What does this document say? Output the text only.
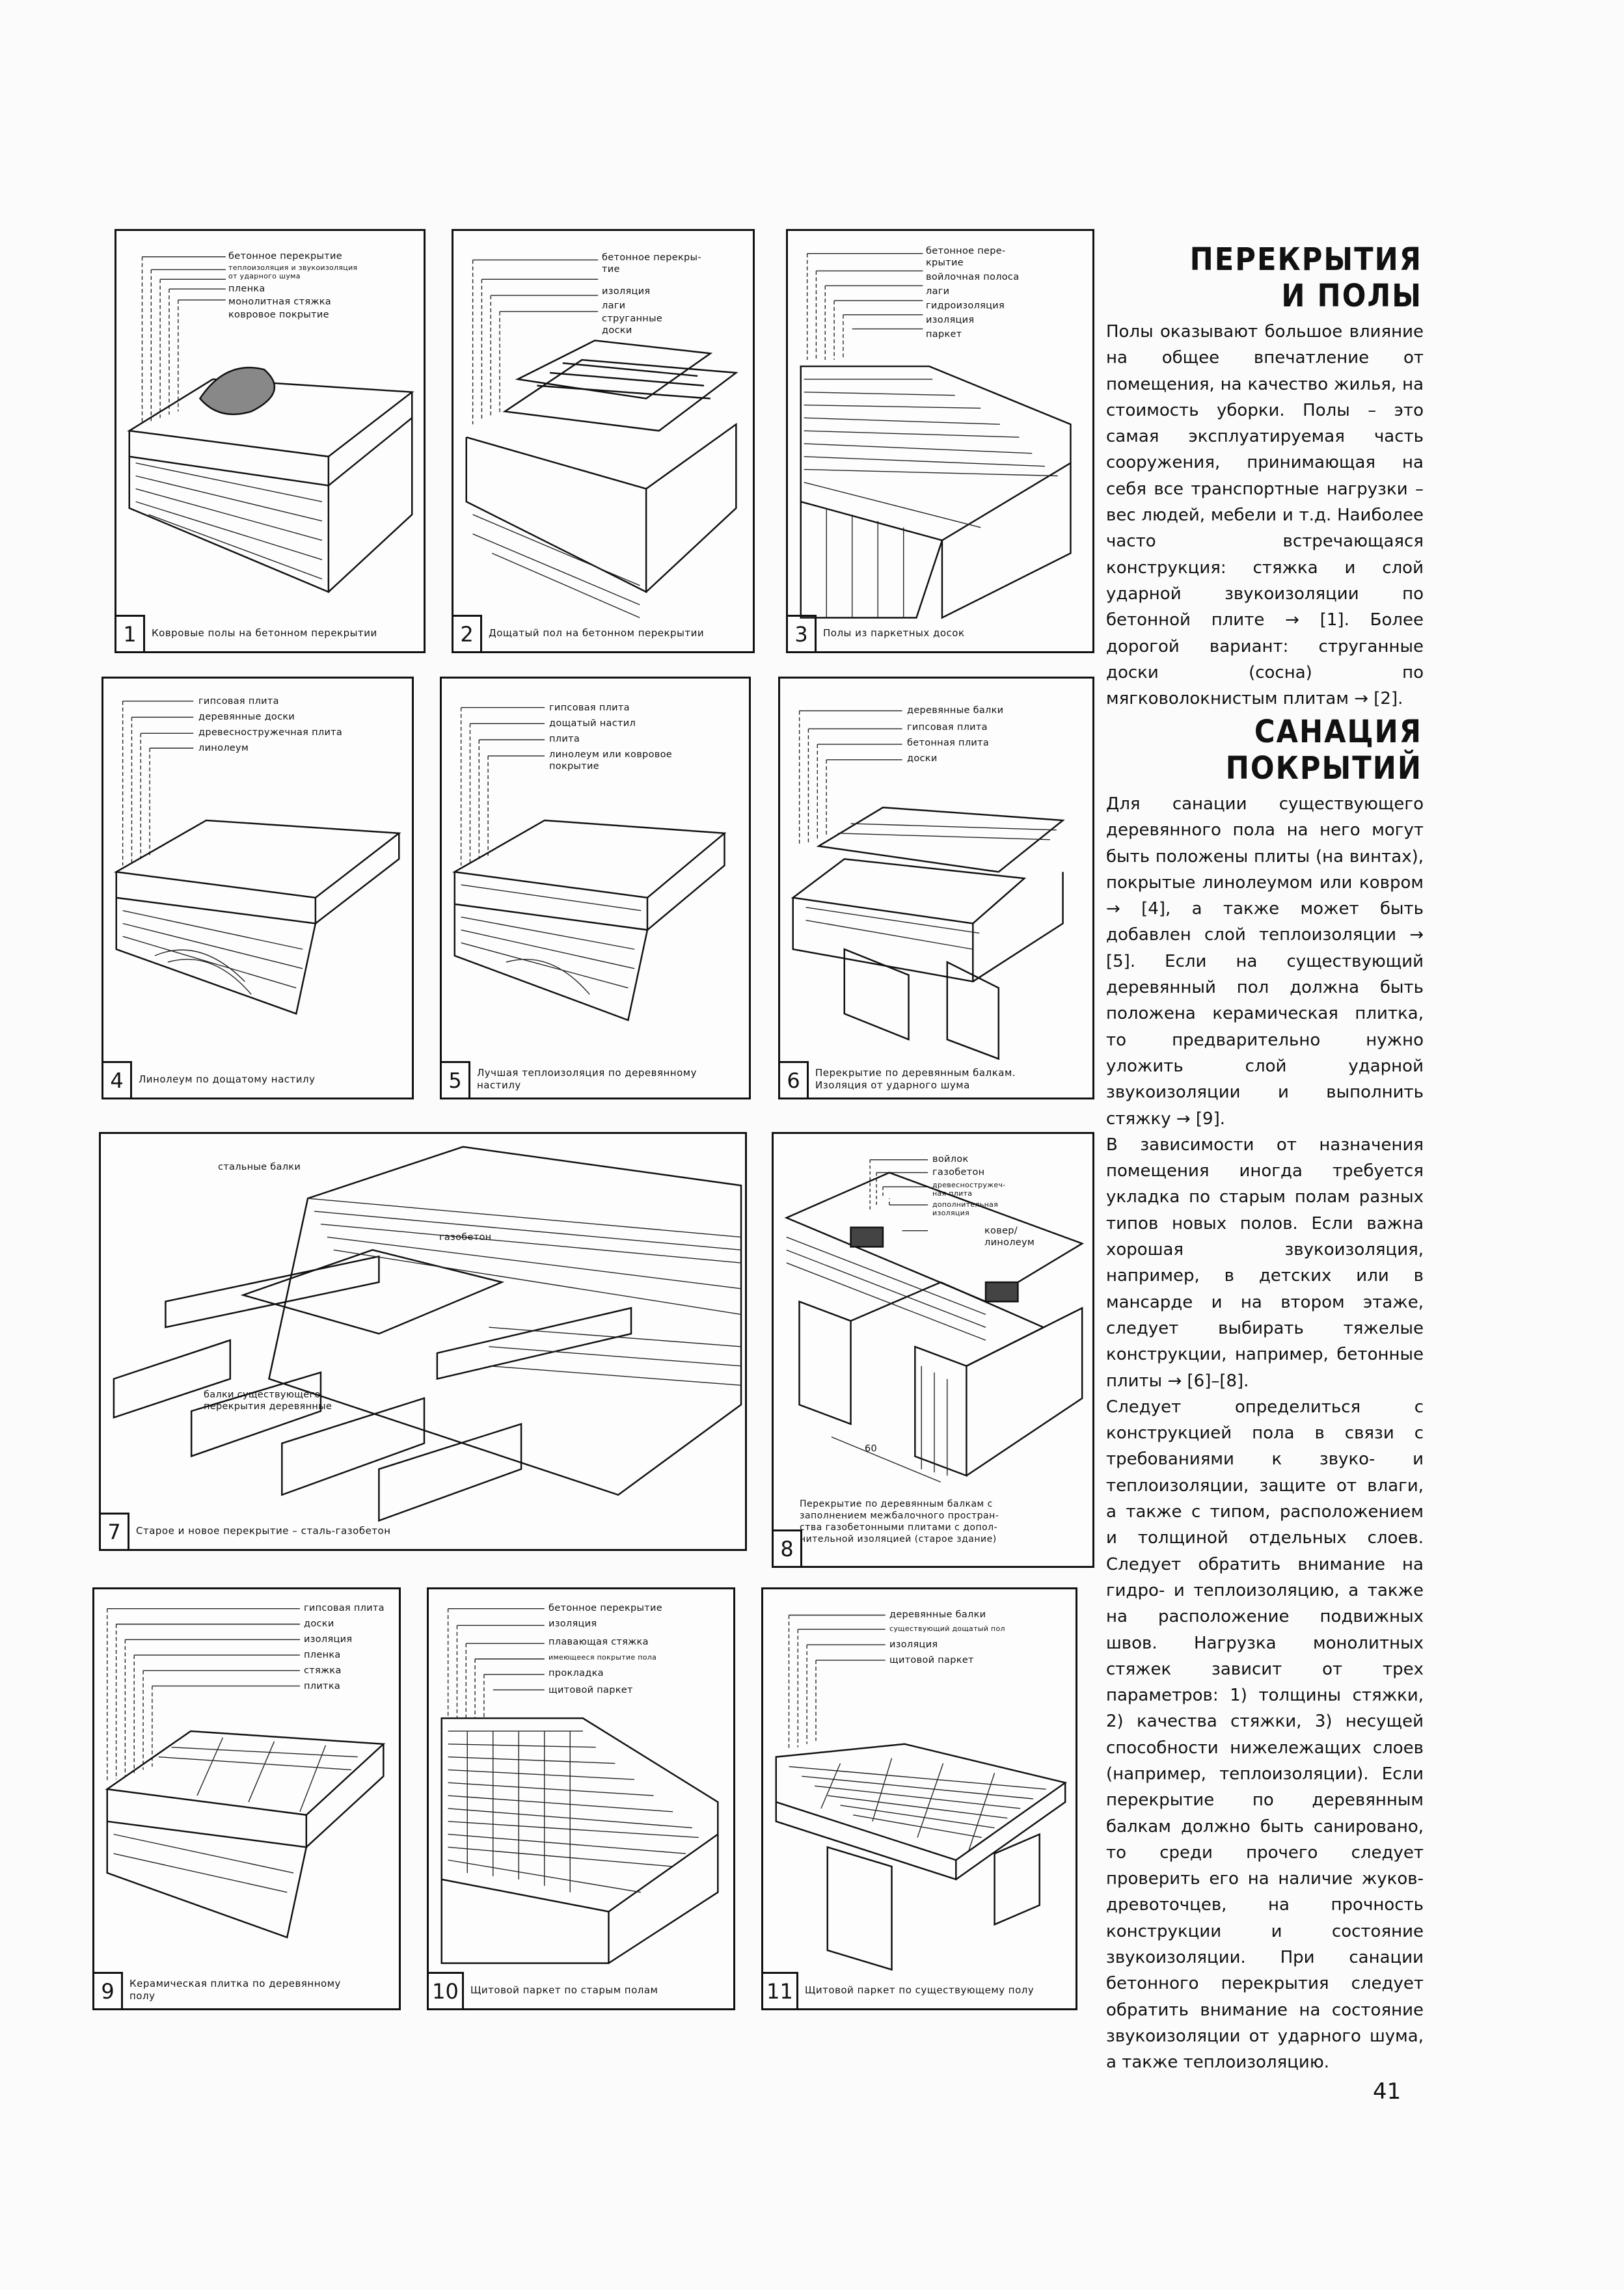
бетонное перекрытие
теплоизоляция и звукоизоляция
от ударного шума
пленка
монолитная стяжка
ковровое покрытие
1	Ковровые полы на бетонном перекрытии
бетонное перекры-
тие
изоляция
лаги
струганные
доски
2	Дощатый пол на бетонном перекрытии
бетонное пере-
крытие
войлочная полоса
лаги
гидроизоляция
изоляция
паркет
3	Полы из паркетных досок
гипсовая плита
деревянные доски
древесностружечная плита
линолеум
4	Линолеум по дощатому настилу
гипсовая плита
дощатый настил
плита
линолеум или ковровое
покрытие
5	Лучшая теплоизоляция по деревянному
настилу
деревянные балки
гипсовая плита
бетонная плита
доски
6	Перекрытие по деревянным балкам.
Изоляция от ударного шума
стальные балки
газобетон
балки существующего
перекрытия деревянные
7	Старое и новое перекрытие – сталь-газобетон
войлок
газобетон
древесностружеч-
ная плита
дополнительная
изоляция
ковер/
линолеум
60
Перекрытие по деревянным балкам с
заполнением межбалочного простран-
ства газобетонными плитами с допол-
нительной изоляцией (старое здание)
8
гипсовая плита
доски
изоляция
пленка
стяжка
плитка
9	Керамическая плитка по деревянному
полу
бетонное перекрытие
изоляция
плавающая стяжка
имеющееся покрытие пола
прокладка
щитовой паркет
10	Щитовой паркет по старым полам
деревянные балки
существующий дощатый пол
изоляция
щитовой паркет
11	Щитовой паркет по существующему полу
ПЕРЕКРЫТИЯ
И ПОЛЫ

Полы оказывают большое влияние на общее впечатление от помещения, на качество жилья, на стоимость уборки. Полы – это самая эксплуатируемая часть сооружения, принимающая на себя все транспортные нагрузки – вес людей, мебели и т.д. Наиболее часто встречающаяся конструкция: стяжка и слой ударной звукоизоляции по бетонной плите → [1]. Более дорогой вариант: струганные доски (сосна) по мягковолокнистым плитам → [2].

САНАЦИЯ
ПОКРЫТИЙ

Для санации существующего деревянного пола на него могут быть положены плиты (на винтах), покрытые линолеумом или ковром → [4], а также может быть добавлен слой теплоизоляции → [5]. Если на существующий деревянный пол должна быть положена керамическая плитка, то предварительно нужно уложить слой ударной звукоизоляции и выполнить стяжку → [9].

В зависимости от назначения помещения иногда требуется укладка по старым полам разных типов новых полов. Если важна хорошая звукоизоляция, например, в детских или в мансарде и на втором этаже, следует выбирать тяжелые конструкции, например, бетонные плиты → [6]–[8].

Следует определиться с конструкцией пола в связи с требованиями к звуко- и теплоизоляции, защите от влаги, а также с типом, расположением и толщиной отдельных слоев. Следует обратить внимание на гидро- и теплоизоляцию, а также на расположение подвижных швов. Нагрузка монолитных стяжек зависит от трех параметров: 1) толщины стяжки, 2) качества стяжки, 3) несущей способности нижележащих слоев (например, теплоизоляции). Если перекрытие по деревянным балкам должно быть санировано, то среди прочего следует проверить его на наличие жуков-древоточцев, на прочность конструкции и состояние звукоизоляции. При санации бетонного перекрытия следует обратить внимание на состояние звукоизоляции от ударного шума, а также теплоизоляцию.

41
